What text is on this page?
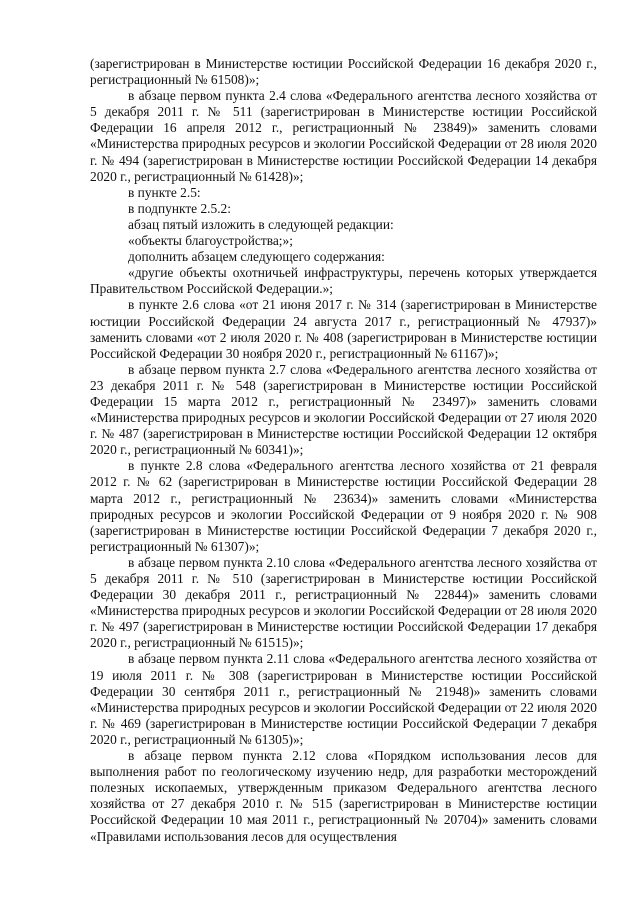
(зарегистрирован в Министерстве юстиции Российской Федерации 16 декабря 2020 г., регистрационный № 61508)»;

в абзаце первом пункта 2.4 слова «Федерального агентства лесного хозяйства от 5 декабря 2011 г. № 511 (зарегистрирован в Министерстве юстиции Российской Федерации 16 апреля 2012 г., регистрационный № 23849)» заменить словами «Министерства природных ресурсов и экологии Российской Федерации от 28 июля 2020 г. № 494 (зарегистрирован в Министерстве юстиции Российской Федерации 14 декабря 2020 г., регистрационный № 61428)»;

в пункте 2.5:

в подпункте 2.5.2:

абзац пятый изложить в следующей редакции:

«объекты благоустройства;»;

дополнить абзацем следующего содержания:

«другие объекты охотничьей инфраструктуры, перечень которых утверждается Правительством Российской Федерации.»;

в пункте 2.6 слова «от 21 июня 2017 г. № 314 (зарегистрирован в Министерстве юстиции Российской Федерации 24 августа 2017 г., регистрационный № 47937)» заменить словами «от 2 июля 2020 г. № 408 (зарегистрирован в Министерстве юстиции Российской Федерации 30 ноября 2020 г., регистрационный № 61167)»;

в абзаце первом пункта 2.7 слова «Федерального агентства лесного хозяйства от 23 декабря 2011 г. № 548 (зарегистрирован в Министерстве юстиции Российской Федерации 15 марта 2012 г., регистрационный № 23497)» заменить словами «Министерства природных ресурсов и экологии Российской Федерации от 27 июля 2020 г. № 487 (зарегистрирован в Министерстве юстиции Российской Федерации 12 октября 2020 г., регистрационный № 60341)»;

в пункте 2.8 слова «Федерального агентства лесного хозяйства от 21 февраля 2012 г. № 62 (зарегистрирован в Министерстве юстиции Российской Федерации 28 марта 2012 г., регистрационный № 23634)» заменить словами «Министерства природных ресурсов и экологии Российской Федерации от 9 ноября 2020 г. № 908 (зарегистрирован в Министерстве юстиции Российской Федерации 7 декабря 2020 г., регистрационный № 61307)»;

в абзаце первом пункта 2.10 слова «Федерального агентства лесного хозяйства от 5 декабря 2011 г. № 510 (зарегистрирован в Министерстве юстиции Российской Федерации 30 декабря 2011 г., регистрационный № 22844)» заменить словами «Министерства природных ресурсов и экологии Российской Федерации от 28 июля 2020 г. № 497 (зарегистрирован в Министерстве юстиции Российской Федерации 17 декабря 2020 г., регистрационный № 61515)»;

в абзаце первом пункта 2.11 слова «Федерального агентства лесного хозяйства от 19 июля 2011 г. № 308 (зарегистрирован в Министерстве юстиции Российской Федерации 30 сентября 2011 г., регистрационный № 21948)» заменить словами «Министерства природных ресурсов и экологии Российской Федерации от 22 июля 2020 г. № 469 (зарегистрирован в Министерстве юстиции Российской Федерации 7 декабря 2020 г., регистрационный № 61305)»;

в абзаце первом пункта 2.12 слова «Порядком использования лесов для выполнения работ по геологическому изучению недр, для разработки месторождений полезных ископаемых, утвержденным приказом Федерального агентства лесного хозяйства от 27 декабря 2010 г. № 515 (зарегистрирован в Министерстве юстиции Российской Федерации 10 мая 2011 г., регистрационный № 20704)» заменить словами «Правилами использования лесов для осуществления
